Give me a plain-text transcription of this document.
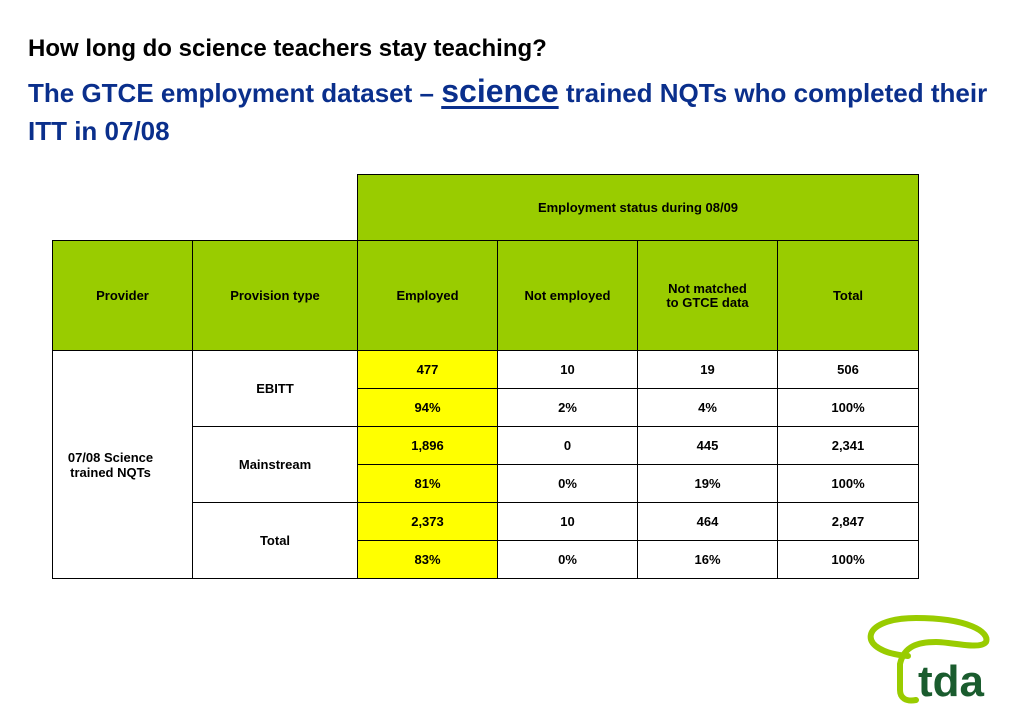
How long do science teachers stay teaching?
The GTCE employment dataset – science trained NQTs who completed their ITT in 07/08
		Employment status during 08/09			
Provider	Provision type	Employed	Not employed	Not matched to GTCE data	Total

07/08 Science trained NQTs	EBITT	477	10	19	506
		94%	2%	4%	100%
	Mainstream	1,896	0	445	2,341
		81%	0%	19%	100%
	Total	2,373	10	464	2,847
		83%	0%	16%	100%
tda
